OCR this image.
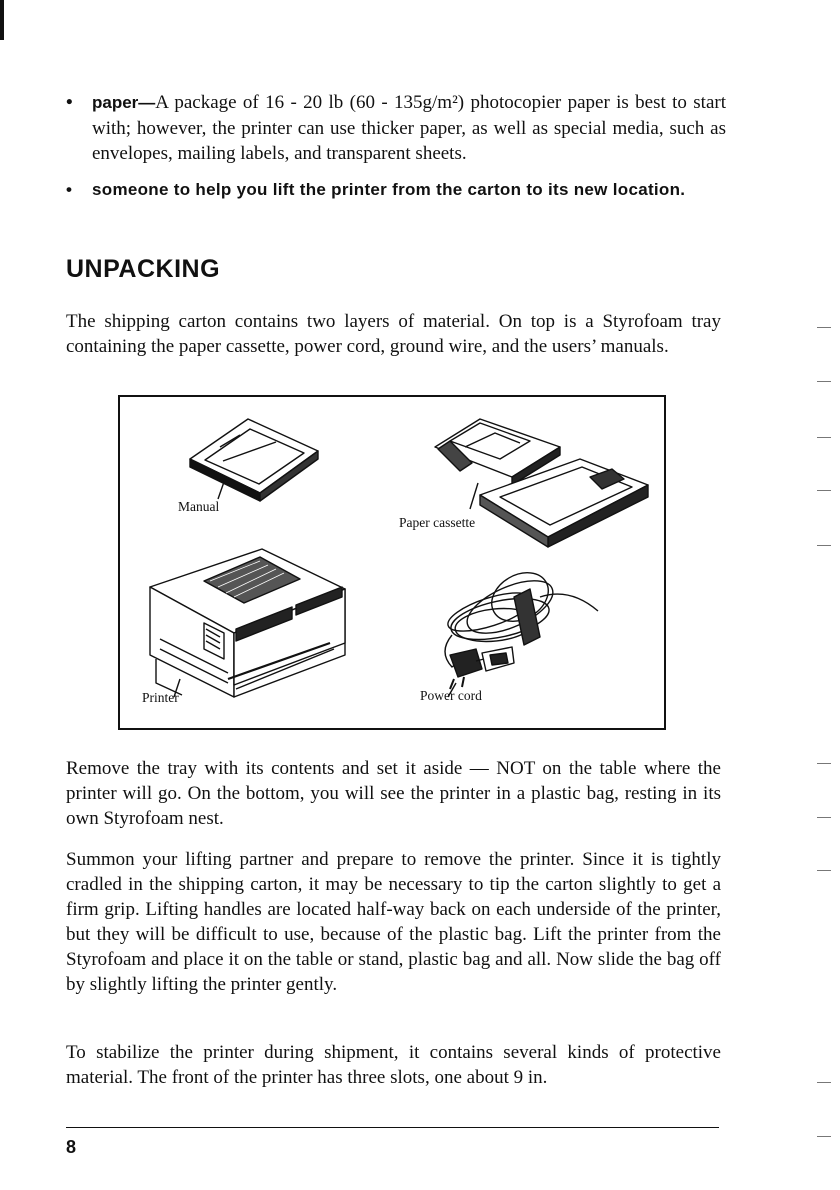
• paper—A package of 16 - 20 lb (60 - 135g/m²) photocopier paper is best to start with; however, the printer can use thicker paper, as well as special media, such as envelopes, mailing labels, and transparent sheets.
• someone to help you lift the printer from the carton to its new location.
UNPACKING

The shipping carton contains two layers of material. On top is a Styrofoam tray containing the paper cassette, power cord, ground wire, and the users’ manuals.

Manual
Paper cassette
Printer	Power cord

Remove the tray with its contents and set it aside — NOT on the table where the printer will go. On the bottom, you will see the printer in a plastic bag, resting in its own Styrofoam nest.

Summon your lifting partner and prepare to remove the printer. Since it is tightly cradled in the shipping carton, it may be necessary to tip the carton slightly to get a firm grip. Lifting handles are located half-way back on each underside of the printer, but they will be difficult to use, because of the plastic bag. Lift the printer from the Styrofoam and place it on the table or stand, plastic bag and all. Now slide the bag off by slightly lifting the printer gently.

To stabilize the printer during shipment, it contains several kinds of protective material. The front of the printer has three slots, one about 9 in.

8
